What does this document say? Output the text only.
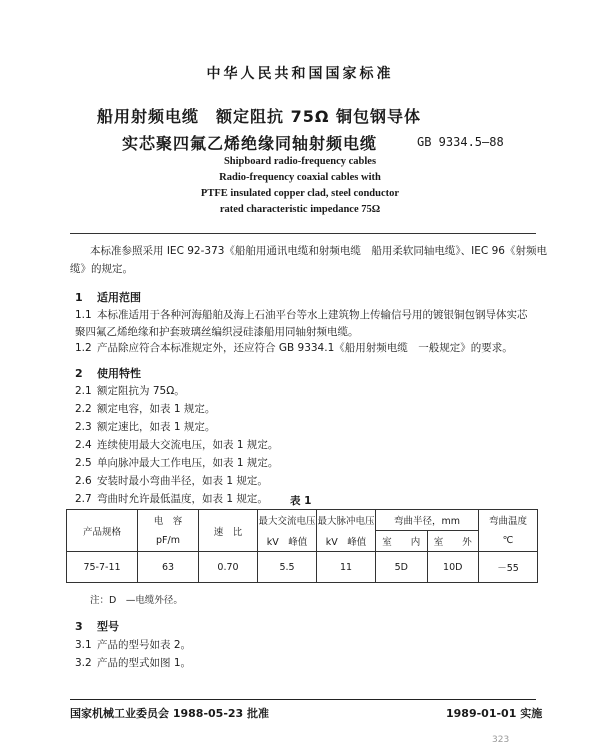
中华人民共和国国家标准
船用射频电缆　额定阻抗 75Ω 铜包钢导体
实芯聚四氟乙烯绝缘同轴射频电缆	GB 9334.5—88
Shipboard radio-frequency cables
Radio-frequency coaxial cables with
PTFE insulated copper clad, steel conductor
rated characteristic impedance 75Ω
本标准参照采用 IEC 92-373《船舶用通讯电缆和射频电缆　船用柔软同轴电缆》、IEC 96《射频电
缆》的规定。
1 适用范围
1.1 本标准适用于各种河海船舶及海上石油平台等水上建筑物上传输信号用的镀银铜包钢导体实芯
聚四氟乙烯绝缘和护套玻璃丝编织浸硅漆船用同轴射频电缆。
1.2 产品除应符合本标准规定外，还应符合 GB 9334.1《船用射频电缆　一般规定》的要求。
2 使用特性
2.1 额定阻抗为 75Ω。
2.2 额定电容，如表 1 规定。
2.3 额定速比，如表 1 规定。
2.4 连续使用最大交流电压，如表 1 规定。
2.5 单向脉冲最大工作电压，如表 1 规定。
2.6 安装时最小弯曲半径，如表 1 规定。
2.7 弯曲时允许最低温度，如表 1 规定。 表 1
产品规格	电　容	速　比	最大交流电压	最大脉冲电压	弯曲半径，mm		弯曲温度
	pF/m		kV　峰值	kV　峰值	室　　内	室　　外	℃
75-7-11	63	0.70	5.5	11	5D	10D	－55
注：D　—电缆外径。
3 型号
3.1 产品的型号如表 2。
3.2 产品的型式如图 1。
国家机械工业委员会 1988-05-23 批准	1989-01-01 实施
323
